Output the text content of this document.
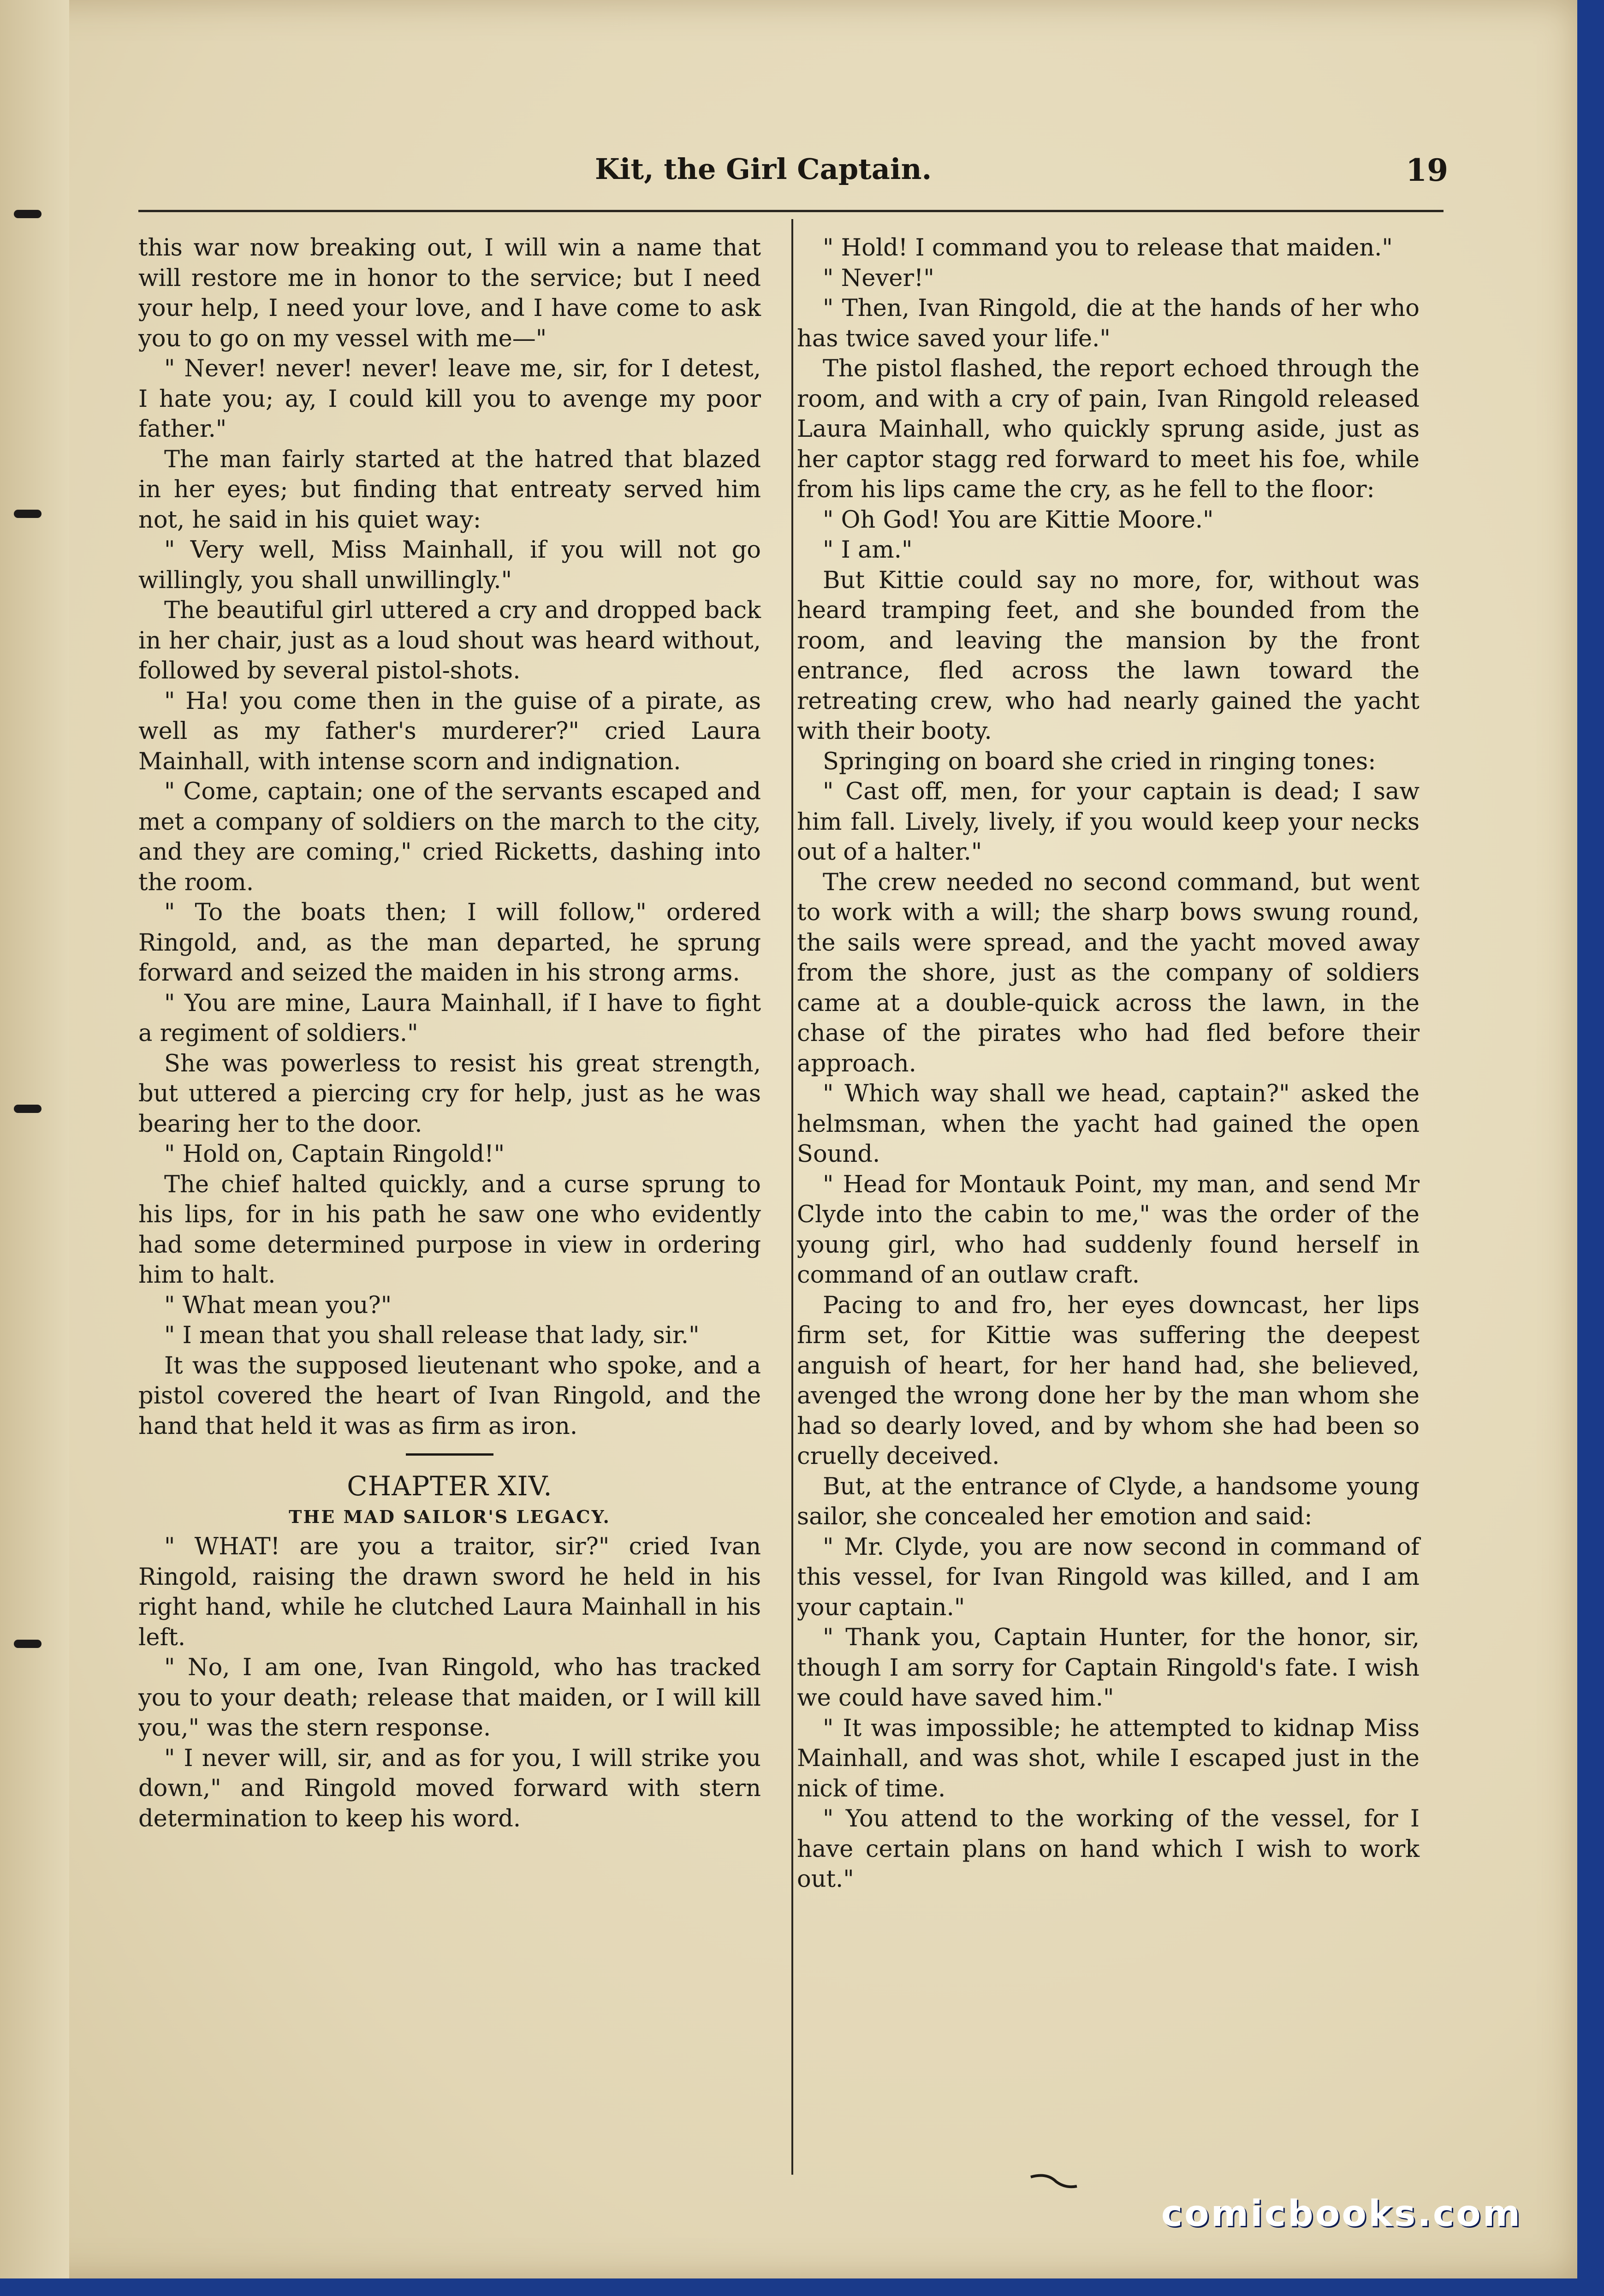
Kit, the Girl Captain.	19

this war now breaking out, I will win a name that will restore me in honor to the service; but I need your help, I need your love, and I have come to ask you to go on my vessel with me—"

" Never! never! never! leave me, sir, for I detest, I hate you; ay, I could kill you to avenge my poor father."

The man fairly started at the hatred that blazed in her eyes; but finding that entreaty served him not, he said in his quiet way:

" Very well, Miss Mainhall, if you will not go willingly, you shall unwillingly."

The beautiful girl uttered a cry and dropped back in her chair, just as a loud shout was heard without, followed by several pistol-shots.

" Ha! you come then in the guise of a pirate, as well as my father's murderer?" cried Laura Mainhall, with intense scorn and indignation.

" Come, captain; one of the servants escaped and met a company of soldiers on the march to the city, and they are coming," cried Ricketts, dashing into the room.

" To the boats then; I will follow," ordered Ringold, and, as the man departed, he sprung forward and seized the maiden in his strong arms.

" You are mine, Laura Mainhall, if I have to fight a regiment of soldiers."

She was powerless to resist his great strength, but uttered a piercing cry for help, just as he was bearing her to the door.

" Hold on, Captain Ringold!"

The chief halted quickly, and a curse sprung to his lips, for in his path he saw one who evidently had some determined purpose in view in ordering him to halt.

" What mean you?"

" I mean that you shall release that lady, sir."

It was the supposed lieutenant who spoke, and a pistol covered the heart of Ivan Ringold, and the hand that held it was as firm as iron.

CHAPTER XIV.

THE MAD SAILOR'S LEGACY.

" WHAT! are you a traitor, sir?" cried Ivan Ringold, raising the drawn sword he held in his right hand, while he clutched Laura Mainhall in his left.

" No, I am one, Ivan Ringold, who has tracked you to your death; release that maiden, or I will kill you," was the stern response.

" I never will, sir, and as for you, I will strike you down," and Ringold moved forward with stern determination to keep his word.

" Hold! I command you to release that maiden."

" Never!"

" Then, Ivan Ringold, die at the hands of her who has twice saved your life."

The pistol flashed, the report echoed through the room, and with a cry of pain, Ivan Ringold released Laura Mainhall, who quickly sprung aside, just as her captor stagg red forward to meet his foe, while from his lips came the cry, as he fell to the floor:

" Oh God! You are Kittie Moore."

" I am."

But Kittie could say no more, for, without was heard tramping feet, and she bounded from the room, and leaving the mansion by the front entrance, fled across the lawn toward the retreating crew, who had nearly gained the yacht with their booty.

Springing on board she cried in ringing tones:

" Cast off, men, for your captain is dead; I saw him fall. Lively, lively, if you would keep your necks out of a halter."

The crew needed no second command, but went to work with a will; the sharp bows swung round, the sails were spread, and the yacht moved away from the shore, just as the company of soldiers came at a double-quick across the lawn, in the chase of the pirates who had fled before their approach.

" Which way shall we head, captain?" asked the helmsman, when the yacht had gained the open Sound.

" Head for Montauk Point, my man, and send Mr Clyde into the cabin to me," was the order of the young girl, who had suddenly found herself in command of an outlaw craft.

Pacing to and fro, her eyes downcast, her lips firm set, for Kittie was suffering the deepest anguish of heart, for her hand had, she believed, avenged the wrong done her by the man whom she had so dearly loved, and by whom she had been so cruelly deceived.

But, at the entrance of Clyde, a handsome young sailor, she concealed her emotion and said:

" Mr. Clyde, you are now second in command of this vessel, for Ivan Ringold was killed, and I am your captain."

" Thank you, Captain Hunter, for the honor, sir, though I am sorry for Captain Ringold's fate. I wish we could have saved him."

" It was impossible; he attempted to kidnap Miss Mainhall, and was shot, while I escaped just in the nick of time.

" You attend to the working of the vessel, for I have certain plans on hand which I wish to work out."

comicbooks.com
